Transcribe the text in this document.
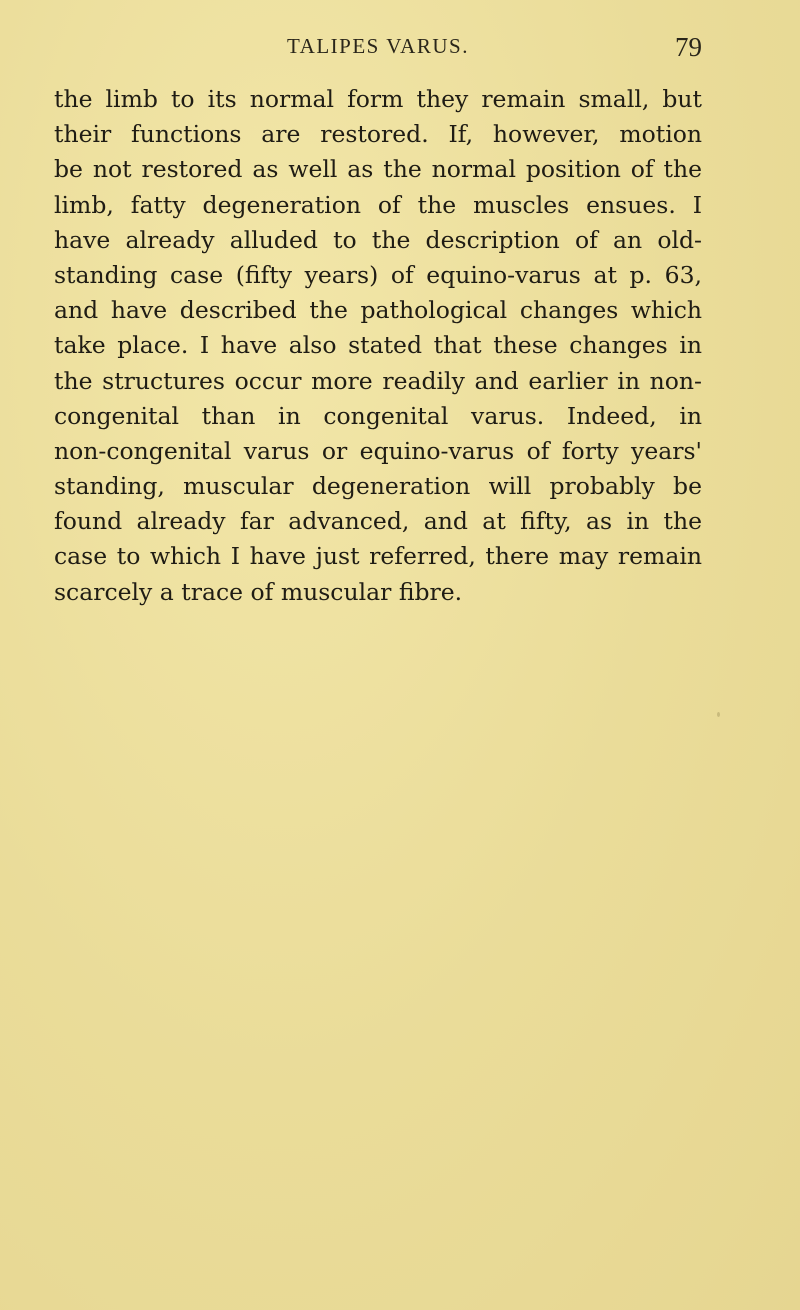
TALIPES VARUS.	79
the limb to its normal form they remain small, but
their functions are restored. If, however, motion
be not restored as well as the normal position of the
limb, fatty degeneration of the muscles ensues. I
have already alluded to the description of an old-
standing case (fifty years) of equino-varus at p. 63,
and have described the pathological changes which
take place. I have also stated that these changes in
the structures occur more readily and earlier in non-
congenital than in congenital varus. Indeed, in
non-congenital varus or equino-varus of forty years'
standing, muscular degeneration will probably be
found already far advanced, and at fifty, as in the
case to which I have just referred, there may remain
scarcely a trace of muscular fibre.
